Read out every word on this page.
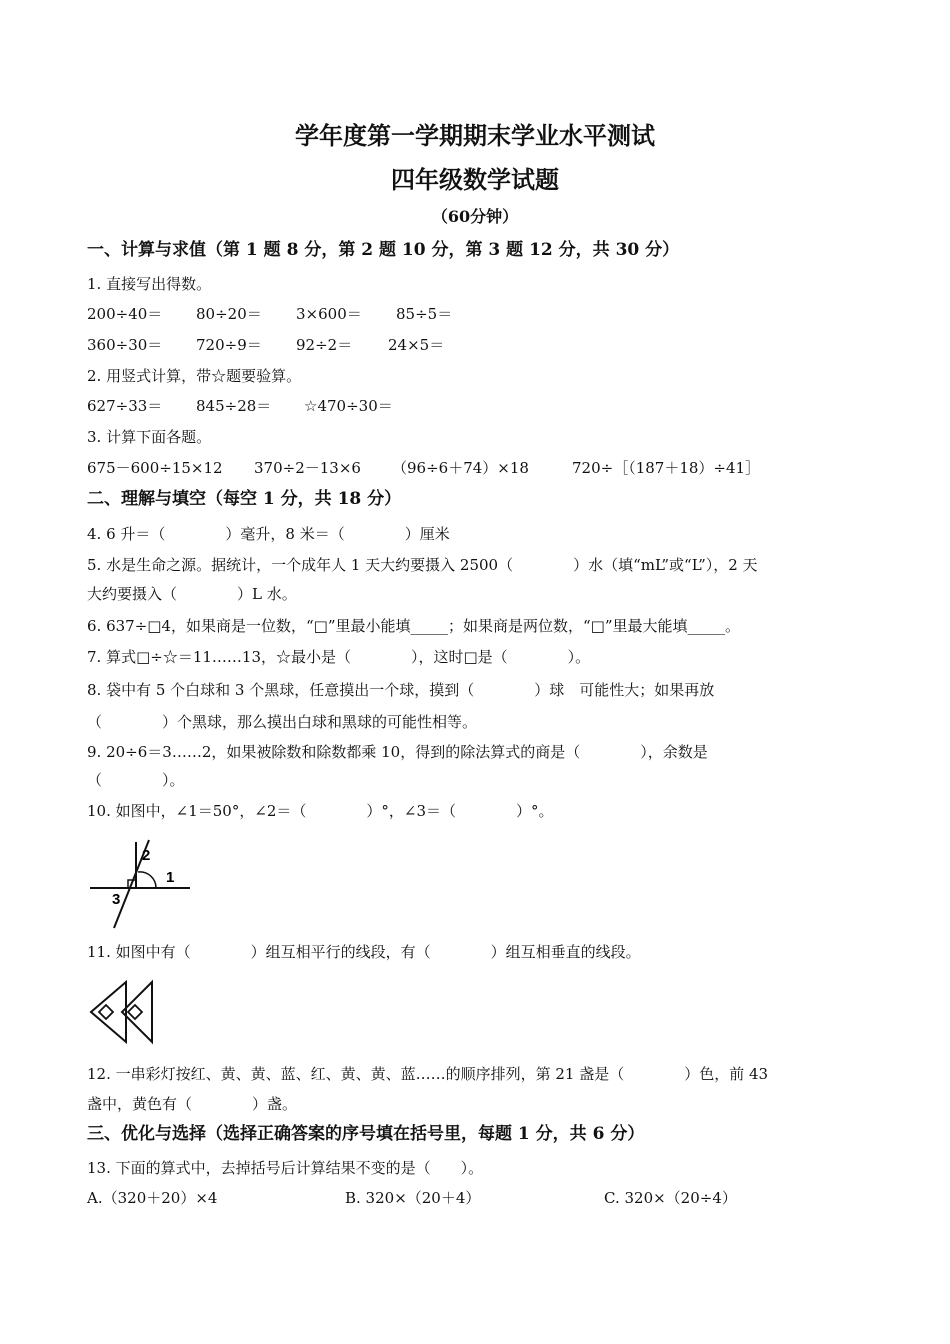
学年度第一学期期末学业水平测试
四年级数学试题
（60分钟）
一、计算与求值（第 1 题 8 分，第 2 题 10 分，第 3 题 12 分，共 30 分）
1. 直接写出得数。
200÷40＝ 80÷20＝ 3×600＝ 85÷5＝
360÷30＝ 720÷9＝ 92÷2＝ 24×5＝
2. 用竖式计算，带☆题要验算。
627÷33＝ 845÷28＝ ☆470÷30＝
3. 计算下面各题。
675－600÷15×12 370÷2－13×6 （96÷6＋74）×18	720÷［（187＋18）÷41］
二、理解与填空（每空 1 分，共 18 分）
4. 6 升＝（　　　　）毫升，8 米＝（　　　　）厘米
5. 水是生命之源。据统计，一个成年人 1 天大约要摄入 2500（　　　　）水（填“mL”或“L”），2 天
大约要摄入（　　　　）L 水。
6. 637÷□4，如果商是一位数，“□”里最小能填_____；如果商是两位数，“□”里最大能填_____。
7. 算式□÷☆＝11……13，☆最小是（　　　　），这时□是（　　　　）。
8. 袋中有 5 个白球和 3 个黑球，任意摸出一个球，摸到（　　　　）球　可能性大；如果再放
（　　　　）个黑球，那么摸出白球和黑球的可能性相等。
9. 20÷6＝3……2，如果被除数和除数都乘 10，得到的除法算式的商是（　　　　），余数是
（　　　　）。
10. 如图中，∠1＝50°，∠2＝（　　　　）°，∠3＝（　　　　）°。
1
2
3
11. 如图中有（　　　　）组互相平行的线段，有（　　　　）组互相垂直的线段。
12. 一串彩灯按红、黄、黄、蓝、红、黄、黄、蓝……的顺序排列，第 21 盏是（　　　　）色，前 43
盏中，黄色有（　　　　）盏。
三、优化与选择（选择正确答案的序号填在括号里，每题 1 分，共 6 分）
13. 下面的算式中，去掉括号后计算结果不变的是（　　）。
A.（320＋20）×4	B. 320×（20＋4）	C. 320×（20÷4）
